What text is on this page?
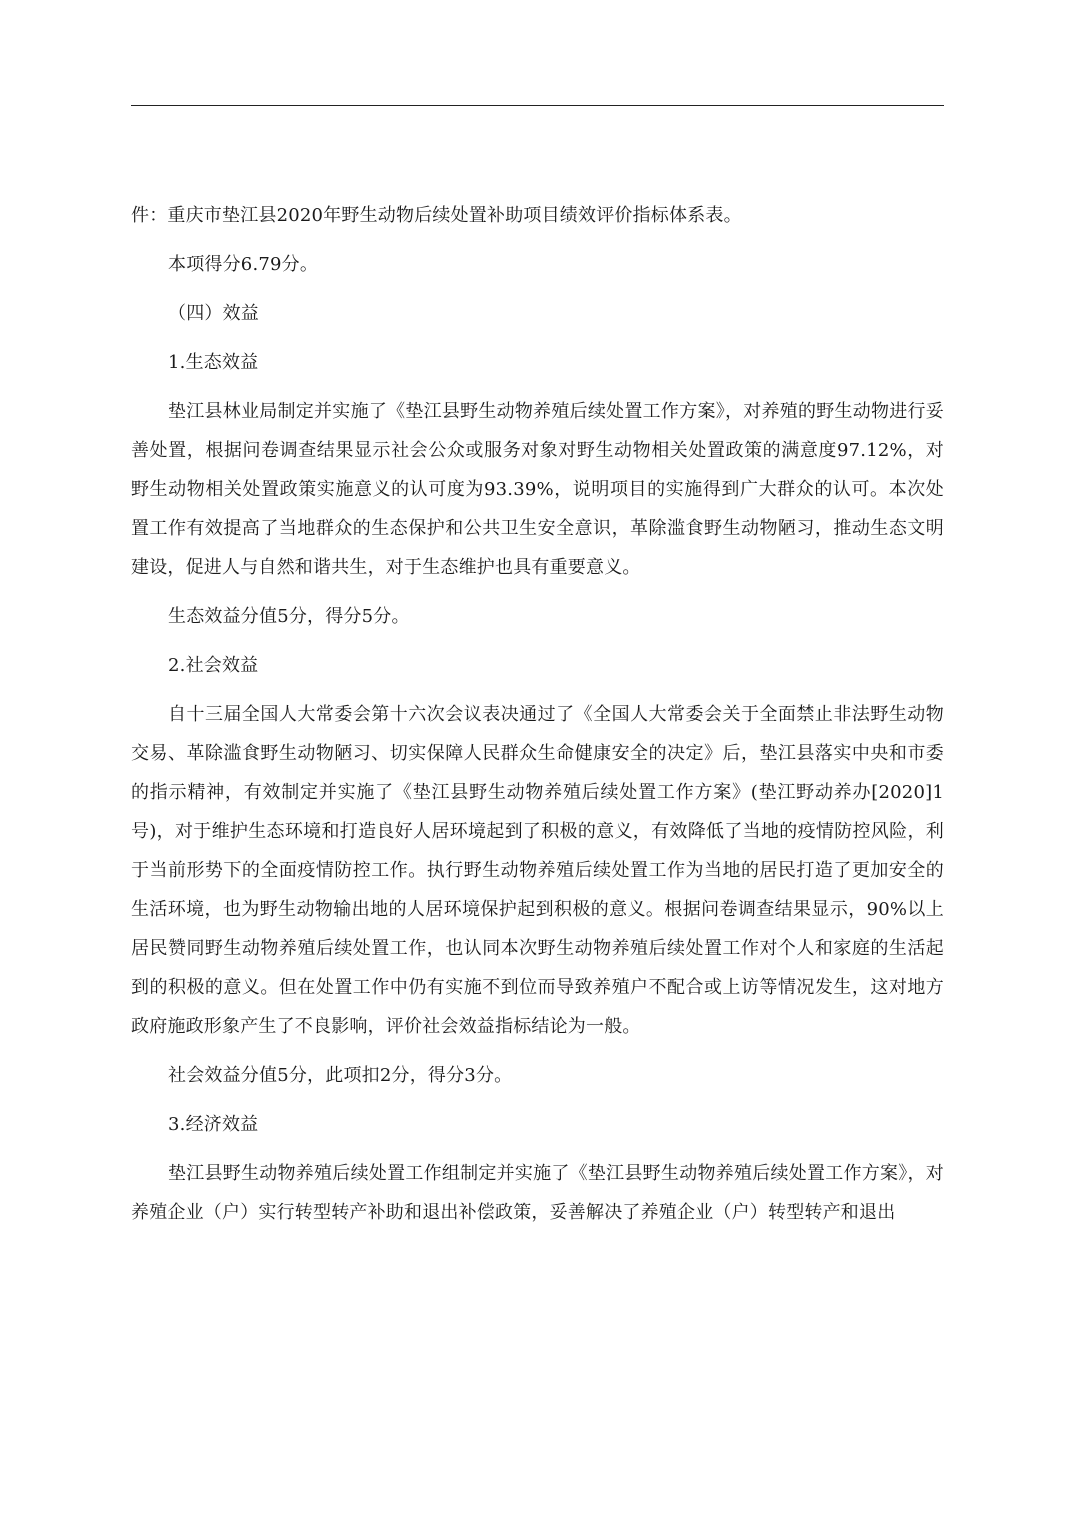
件：重庆市垫江县2020年野生动物后续处置补助项目绩效评价指标体系表。

本项得分6.79分。

（四）效益

1.生态效益

垫江县林业局制定并实施了《垫江县野生动物养殖后续处置工作方案》，对养殖的野生动物进行妥善处置，根据问卷调查结果显示社会公众或服务对象对野生动物相关处置政策的满意度97.12%，对野生动物相关处置政策实施意义的认可度为93.39%，说明项目的实施得到广大群众的认可。本次处置工作有效提高了当地群众的生态保护和公共卫生安全意识，革除滥食野生动物陋习，推动生态文明建设，促进人与自然和谐共生，对于生态维护也具有重要意义。

生态效益分值5分，得分5分。

2.社会效益

自十三届全国人大常委会第十六次会议表决通过了《全国人大常委会关于全面禁止非法野生动物交易、革除滥食野生动物陋习、切实保障人民群众生命健康安全的决定》后，垫江县落实中央和市委的指示精神，有效制定并实施了《垫江县野生动物养殖后续处置工作方案》(垫江野动养办[2020]1号)，对于维护生态环境和打造良好人居环境起到了积极的意义，有效降低了当地的疫情防控风险，利于当前形势下的全面疫情防控工作。执行野生动物养殖后续处置工作为当地的居民打造了更加安全的生活环境，也为野生动物输出地的人居环境保护起到积极的意义。根据问卷调查结果显示，90%以上居民赞同野生动物养殖后续处置工作，也认同本次野生动物养殖后续处置工作对个人和家庭的生活起到的积极的意义。但在处置工作中仍有实施不到位而导致养殖户不配合或上访等情况发生，这对地方政府施政形象产生了不良影响，评价社会效益指标结论为一般。

社会效益分值5分，此项扣2分，得分3分。

3.经济效益

垫江县野生动物养殖后续处置工作组制定并实施了《垫江县野生动物养殖后续处置工作方案》，对养殖企业（户）实行转型转产补助和退出补偿政策，妥善解决了养殖企业（户）转型转产和退出
